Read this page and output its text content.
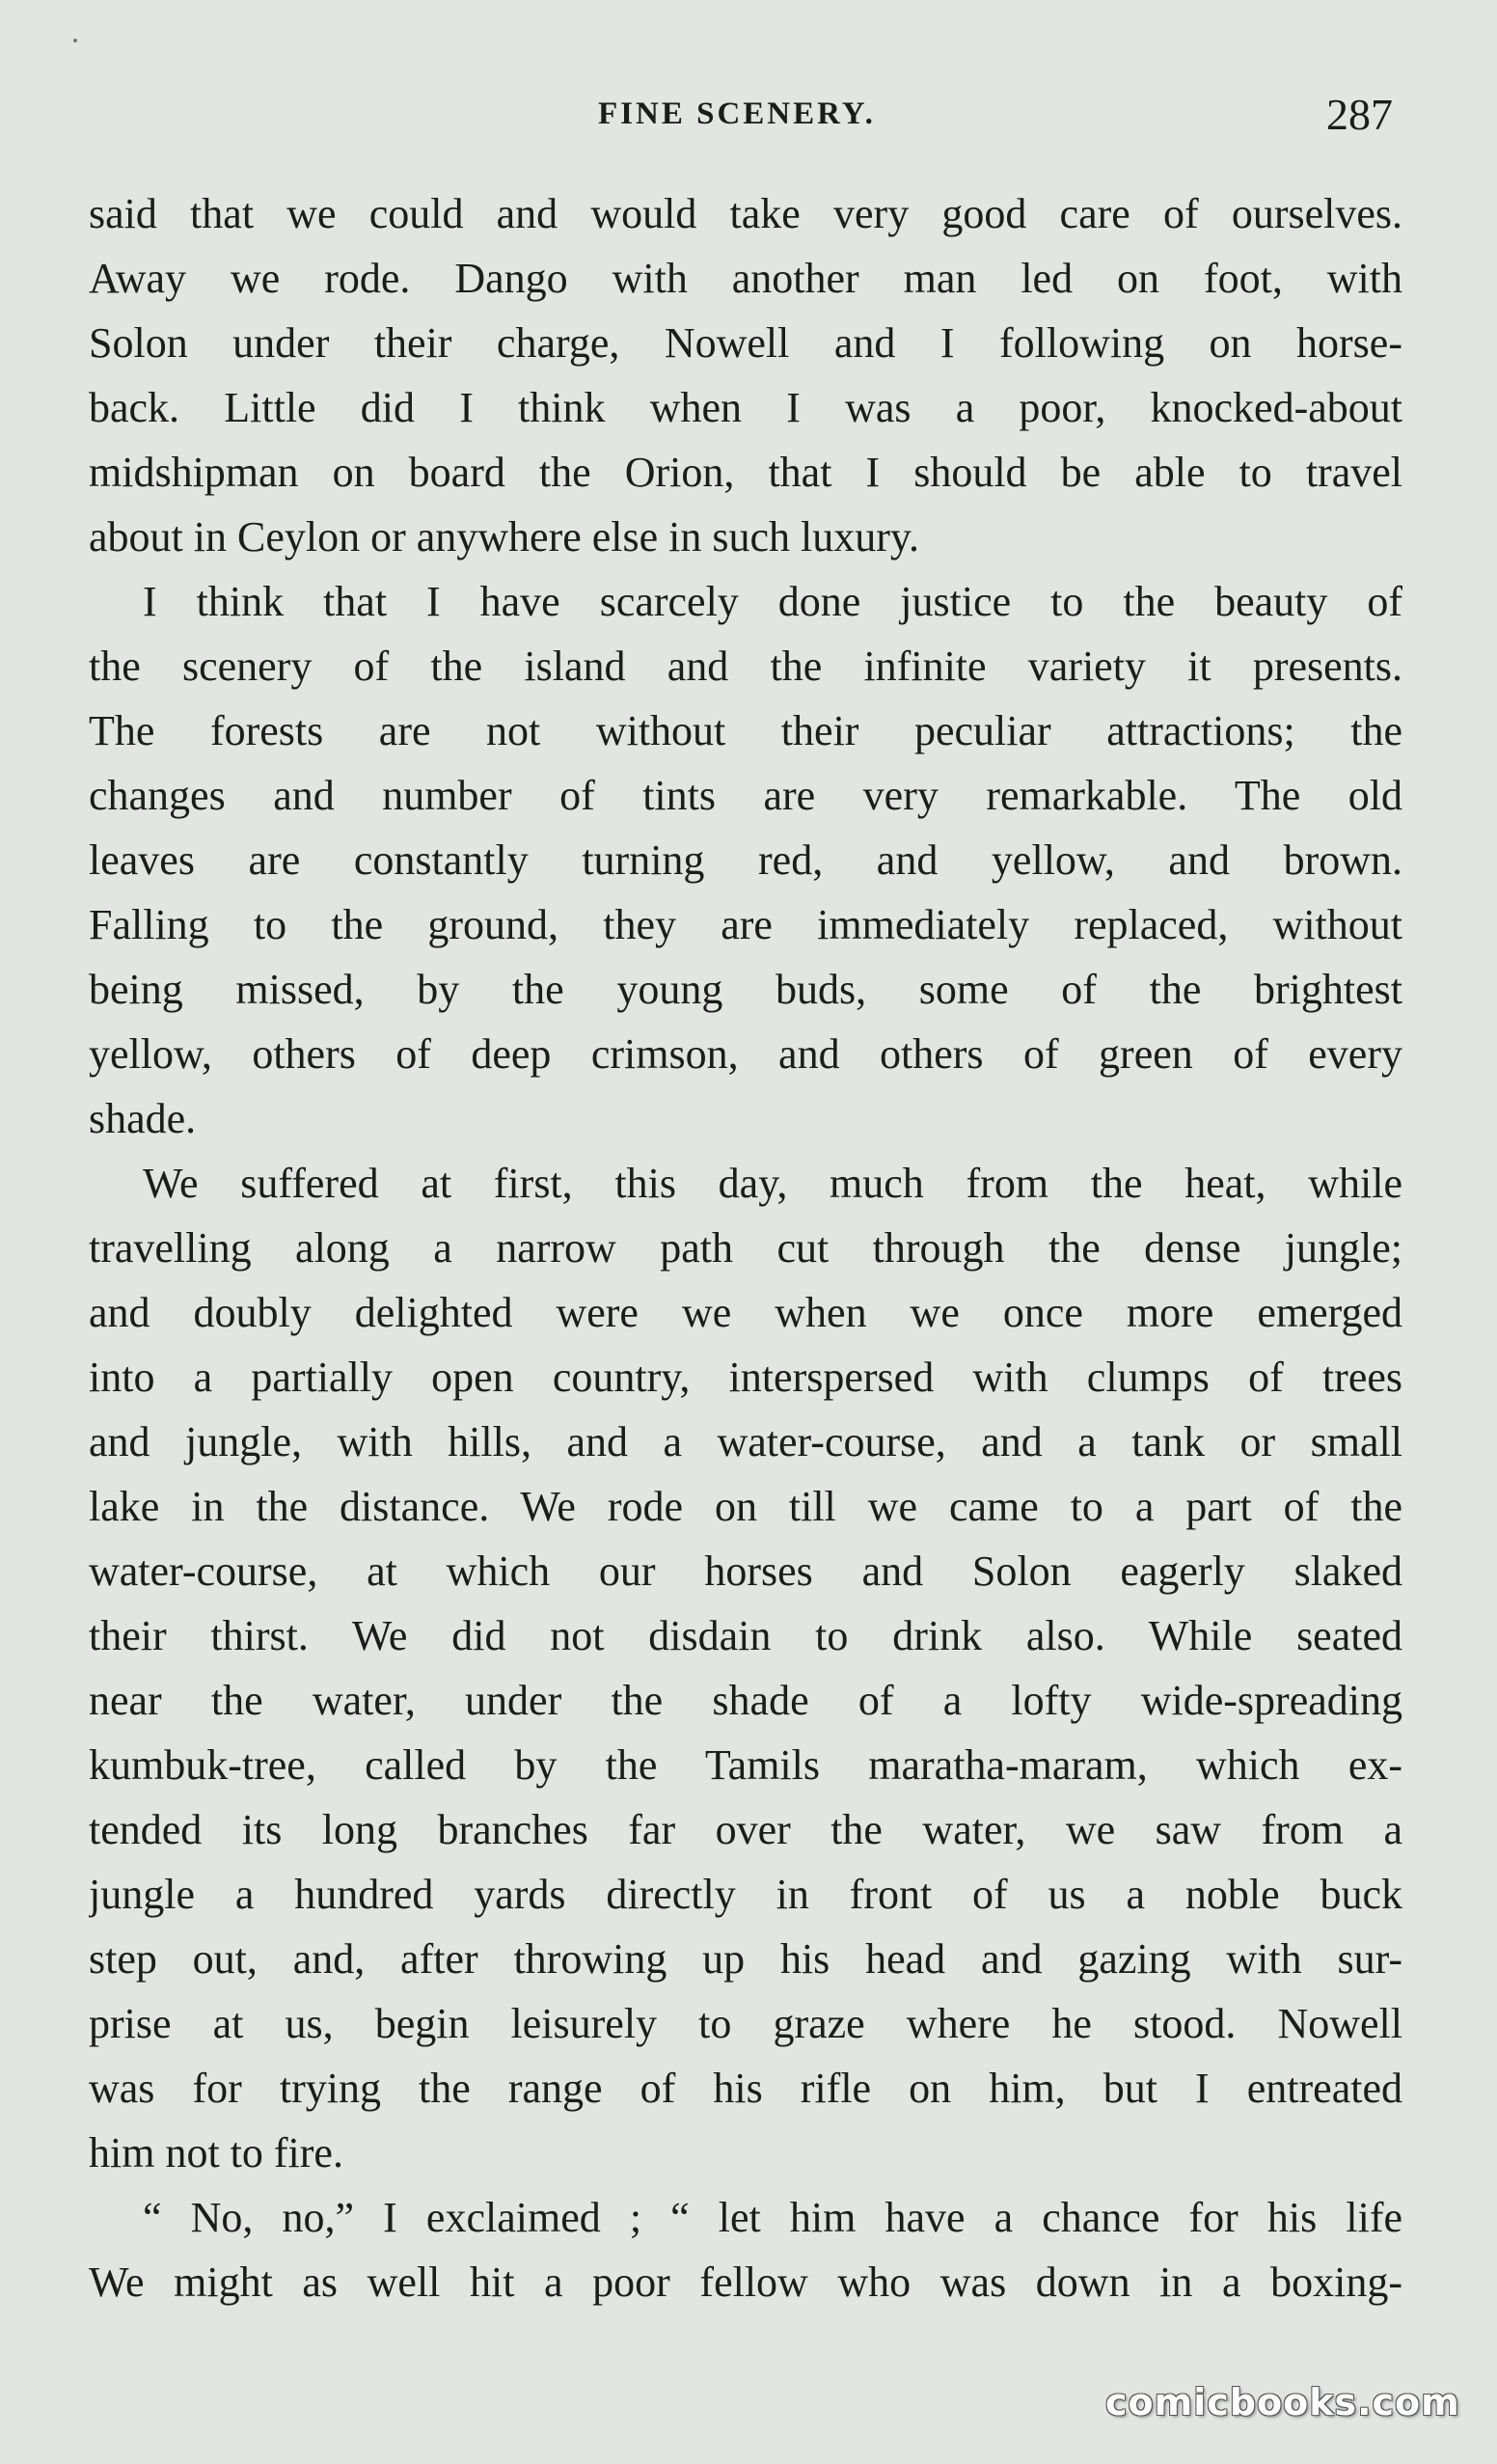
FINE SCENERY.	287
said that we could and would take very good care of ourselves.
Away we rode. Dango with another man led on foot, with
Solon under their charge, Nowell and I following on horse-
back. Little did I think when I was a poor, knocked-about
midshipman on board the Orion, that I should be able to travel
about in Ceylon or anywhere else in such luxury.
I think that I have scarcely done justice to the beauty of
the scenery of the island and the infinite variety it presents.
The forests are not without their peculiar attractions; the
changes and number of tints are very remarkable. The old
leaves are constantly turning red, and yellow, and brown.
Falling to the ground, they are immediately replaced, without
being missed, by the young buds, some of the brightest
yellow, others of deep crimson, and others of green of every
shade.
We suffered at first, this day, much from the heat, while
travelling along a narrow path cut through the dense jungle;
and doubly delighted were we when we once more emerged
into a partially open country, interspersed with clumps of trees
and jungle, with hills, and a water-course, and a tank or small
lake in the distance. We rode on till we came to a part of the
water-course, at which our horses and Solon eagerly slaked
their thirst. We did not disdain to drink also. While seated
near the water, under the shade of a lofty wide-spreading
kumbuk-tree, called by the Tamils maratha-maram, which ex-
tended its long branches far over the water, we saw from a
jungle a hundred yards directly in front of us a noble buck
step out, and, after throwing up his head and gazing with sur-
prise at us, begin leisurely to graze where he stood. Nowell
was for trying the range of his rifle on him, but I entreated
him not to fire.
“ No, no,” I exclaimed ; “ let him have a chance for his life
We might as well hit a poor fellow who was down in a boxing-
comicbooks.com
